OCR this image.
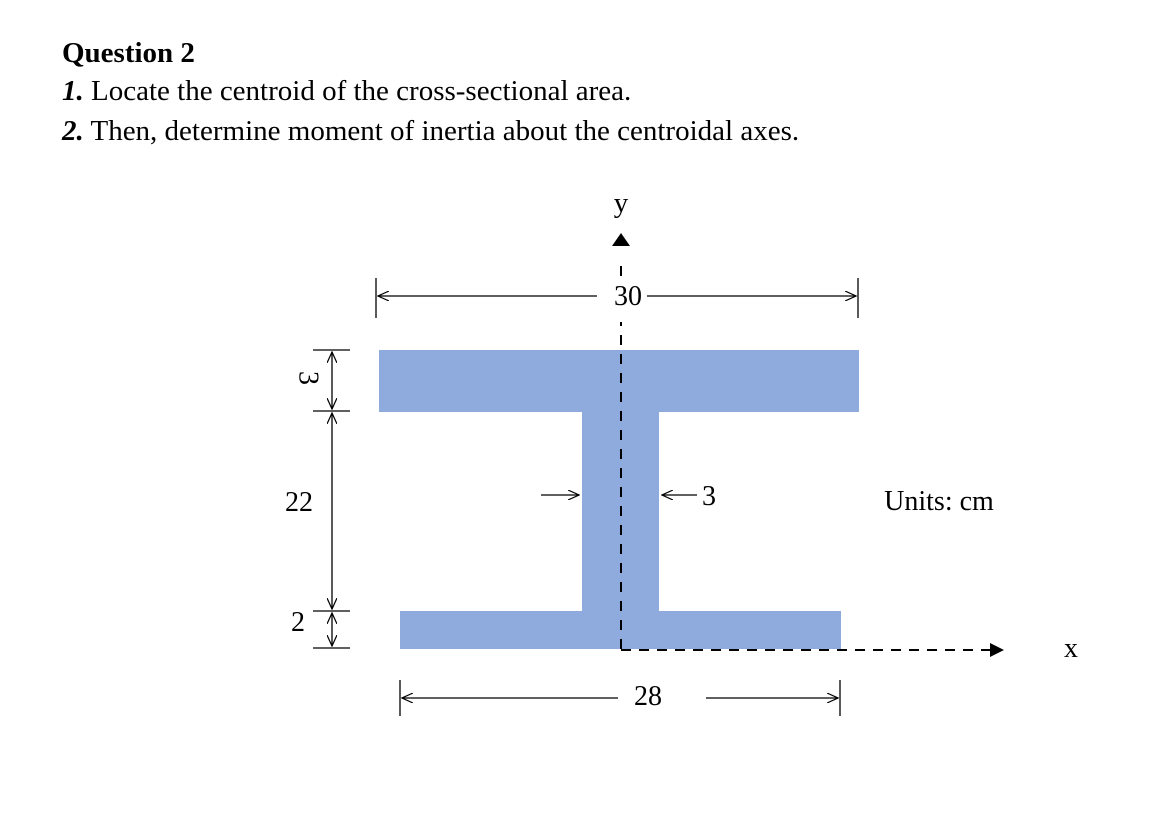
Question 2

1. Locate the centroid of the cross-sectional area.

2. Then, determine moment of inertia about the centroidal axes.

y
x
30
28
3
3
22
2
Units: cm
